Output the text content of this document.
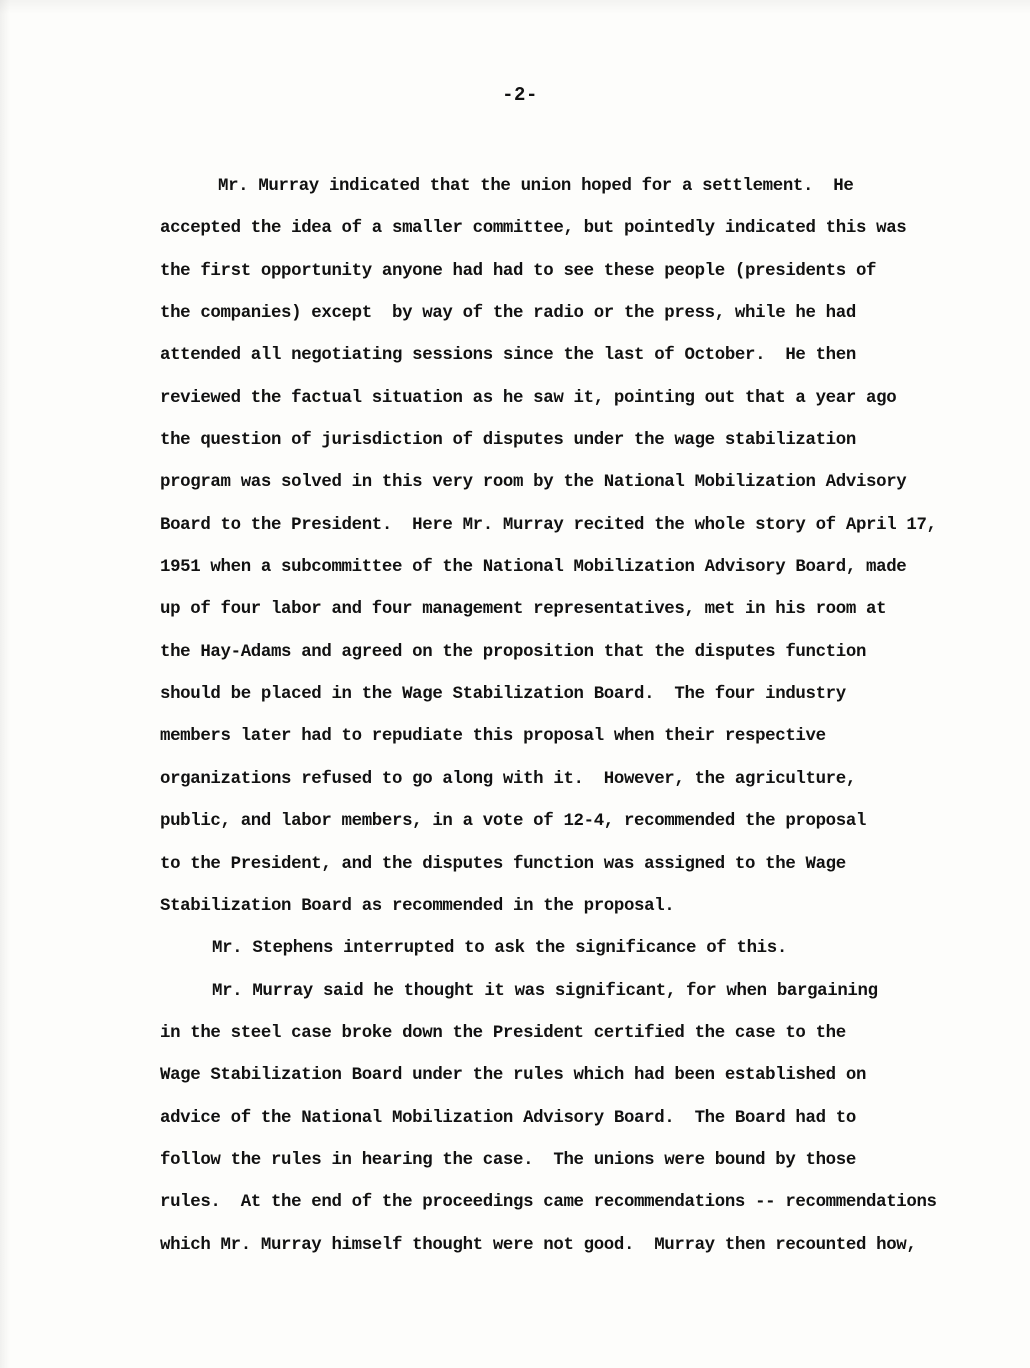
-2-
Mr. Murray indicated that the union hoped for a settlement.  He
accepted the idea of a smaller committee, but pointedly indicated this was
the first opportunity anyone had had to see these people (presidents of
the companies) except  by way of the radio or the press, while he had
attended all negotiating sessions since the last of October.  He then
reviewed the factual situation as he saw it, pointing out that a year ago
the question of jurisdiction of disputes under the wage stabilization
program was solved in this very room by the National Mobilization Advisory
Board to the President.  Here Mr. Murray recited the whole story of April 17,
1951 when a subcommittee of the National Mobilization Advisory Board, made
up of four labor and four management representatives, met in his room at
the Hay-Adams and agreed on the proposition that the disputes function
should be placed in the Wage Stabilization Board.  The four industry
members later had to repudiate this proposal when their respective
organizations refused to go along with it.  However, the agriculture,
public, and labor members, in a vote of 12-4, recommended the proposal
to the President, and the disputes function was assigned to the Wage
Stabilization Board as recommended in the proposal.
Mr. Stephens interrupted to ask the significance of this.
Mr. Murray said he thought it was significant, for when bargaining
in the steel case broke down the President certified the case to the
Wage Stabilization Board under the rules which had been established on
advice of the National Mobilization Advisory Board.  The Board had to
follow the rules in hearing the case.  The unions were bound by those
rules.  At the end of the proceedings came recommendations -- recommendations
which Mr. Murray himself thought were not good.  Murray then recounted how,
